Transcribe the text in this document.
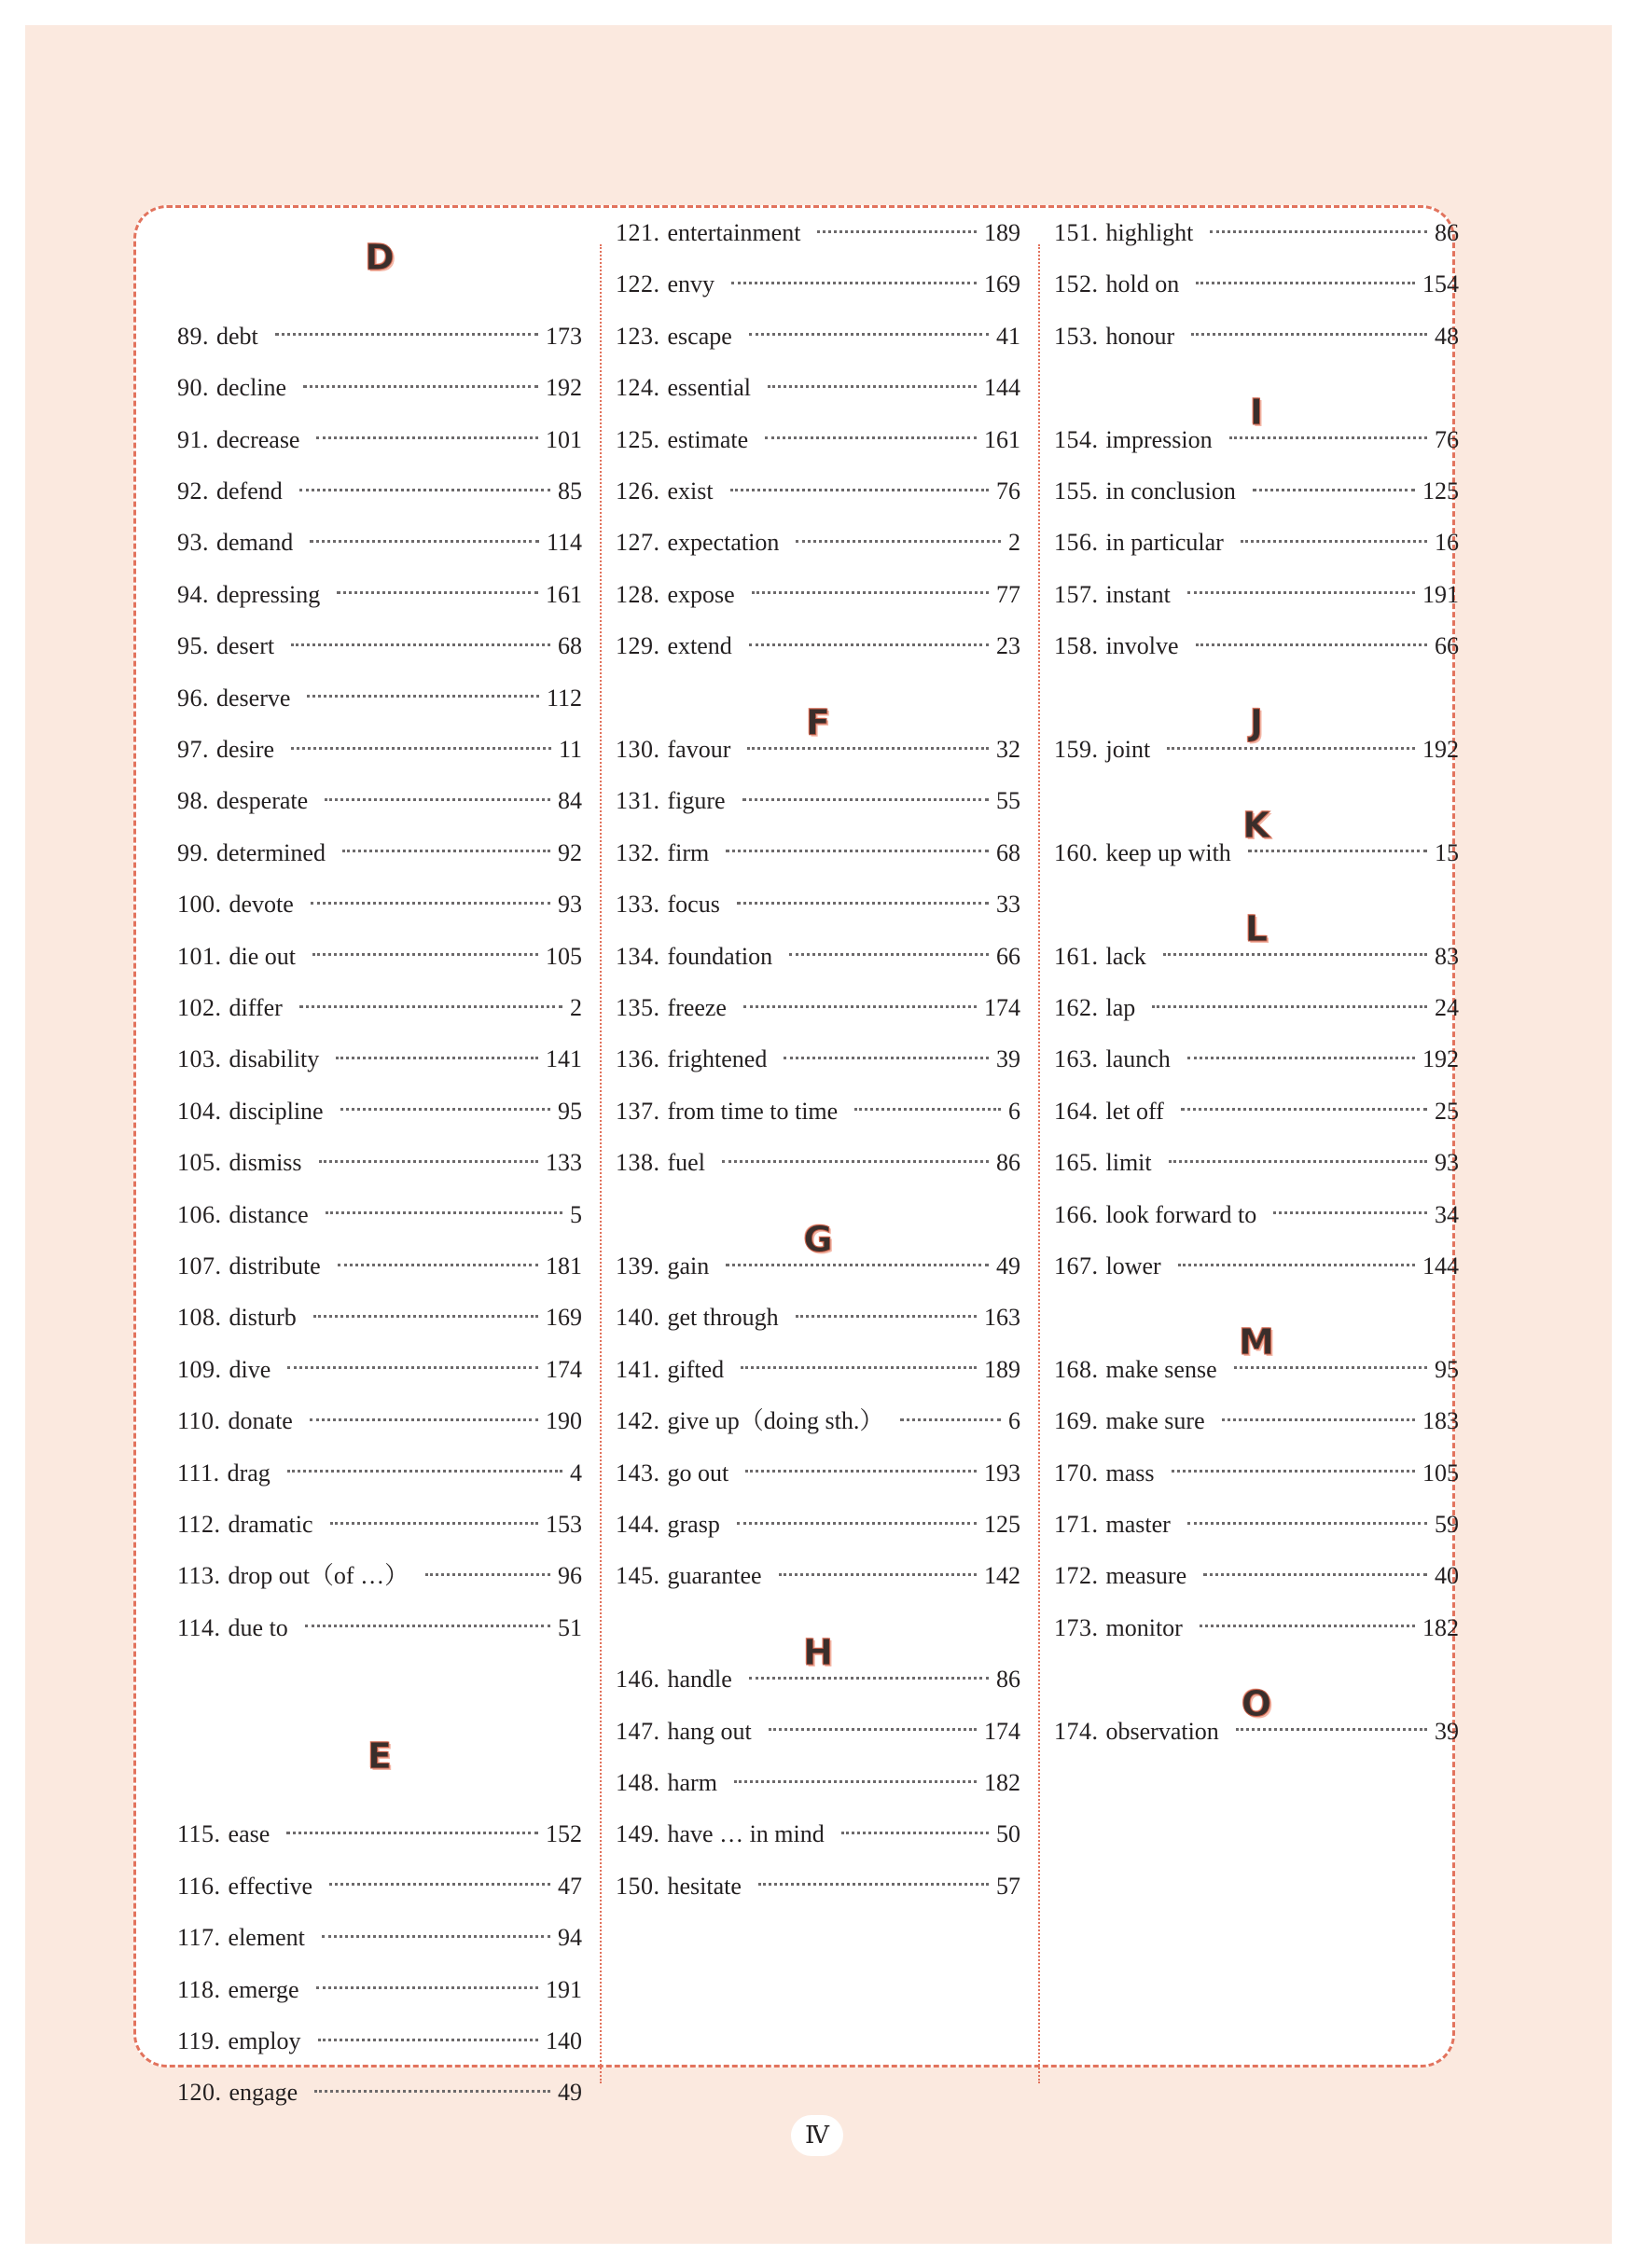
D
89. debt	173
90. decline	192
91. decrease	101
92. defend	85
93. demand	114
94. depressing	161
95. desert	68
96. deserve	112
97. desire	11
98. desperate	84
99. determined	92
100. devote	93
101. die out	105
102. differ	2
103. disability	141
104. discipline	95
105. dismiss	133
106. distance	5
107. distribute	181
108. disturb	169
109. dive	174
110. donate	190
111. drag	4
112. dramatic	153
113. drop out（of …）	96
114. due to	51
E
115. ease	152
116. effective	47
117. element	94
118. emerge	191
119. employ	140
120. engage	49
121. entertainment	189
122. envy	169
123. escape	41
124. essential	144
125. estimate	161
126. exist	76
127. expectation	2
128. expose	77
129. extend	23
F
130. favour	32
131. figure	55
132. firm	68
133. focus	33
134. foundation	66
135. freeze	174
136. frightened	39
137. from time to time	6
138. fuel	86
G
139. gain	49
140. get through	163
141. gifted	189
142. give up（doing sth.）	6
143. go out	193
144. grasp	125
145. guarantee	142
H
146. handle	86
147. hang out	174
148. harm	182
149. have … in mind	50
150. hesitate	57
151. highlight	86
152. hold on	154
153. honour	48
I
154. impression	76
155. in conclusion	125
156. in particular	16
157. instant	191
158. involve	66
J
159. joint	192
K
160. keep up with	15
L
161. lack	83
162. lap	24
163. launch	192
164. let off	25
165. limit	93
166. look forward to	34
167. lower	144
M
168. make sense	95
169. make sure	183
170. mass	105
171. master	59
172. measure	40
173. monitor	182
O
174. observation	39
Ⅳ
